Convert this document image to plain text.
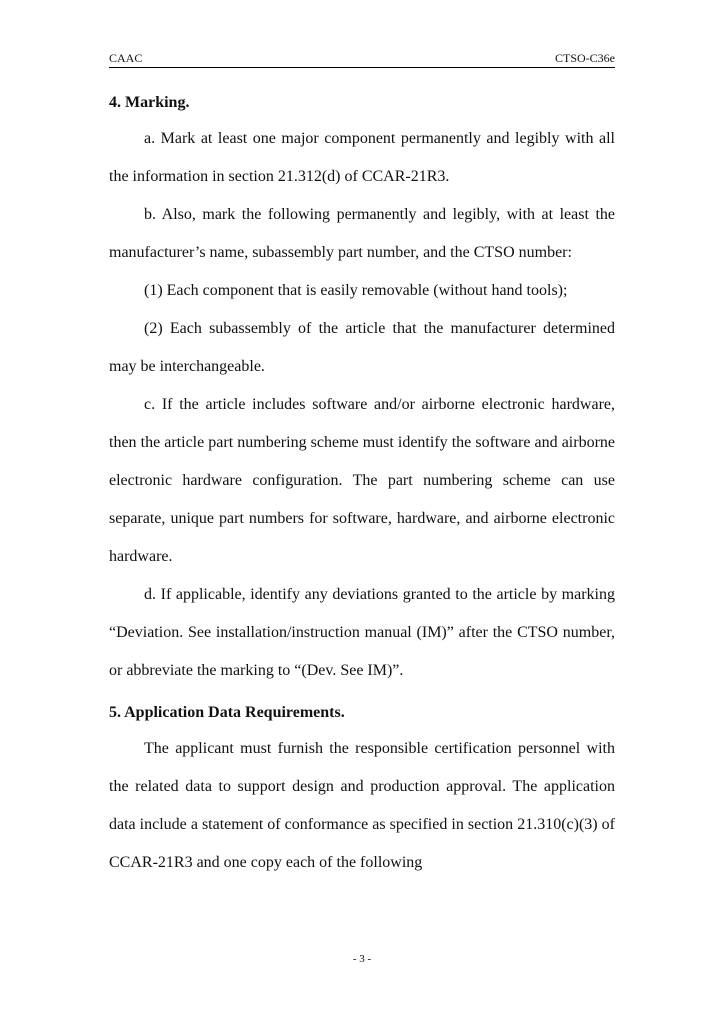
CAAC	CTSO-C36e
4. Marking.

a. Mark at least one major component permanently and legibly with all the information in section 21.312(d) of CCAR-21R3.

b. Also, mark the following permanently and legibly, with at least the manufacturer’s name, subassembly part number, and the CTSO number:

(1) Each component that is easily removable (without hand tools);

(2) Each subassembly of the article that the manufacturer determined may be interchangeable.

c. If the article includes software and/or airborne electronic hardware, then the article part numbering scheme must identify the software and airborne electronic hardware configuration. The part numbering scheme can use separate, unique part numbers for software, hardware, and airborne electronic hardware.

d. If applicable, identify any deviations granted to the article by marking “Deviation. See installation/instruction manual (IM)” after the CTSO number, or abbreviate the marking to “(Dev. See IM)”.

5. Application Data Requirements.

The applicant must furnish the responsible certification personnel with the related data to support design and production approval. The application data include a statement of conformance as specified in section 21.310(c)(3) of CCAR-21R3 and one copy each of the following

- 3 -
